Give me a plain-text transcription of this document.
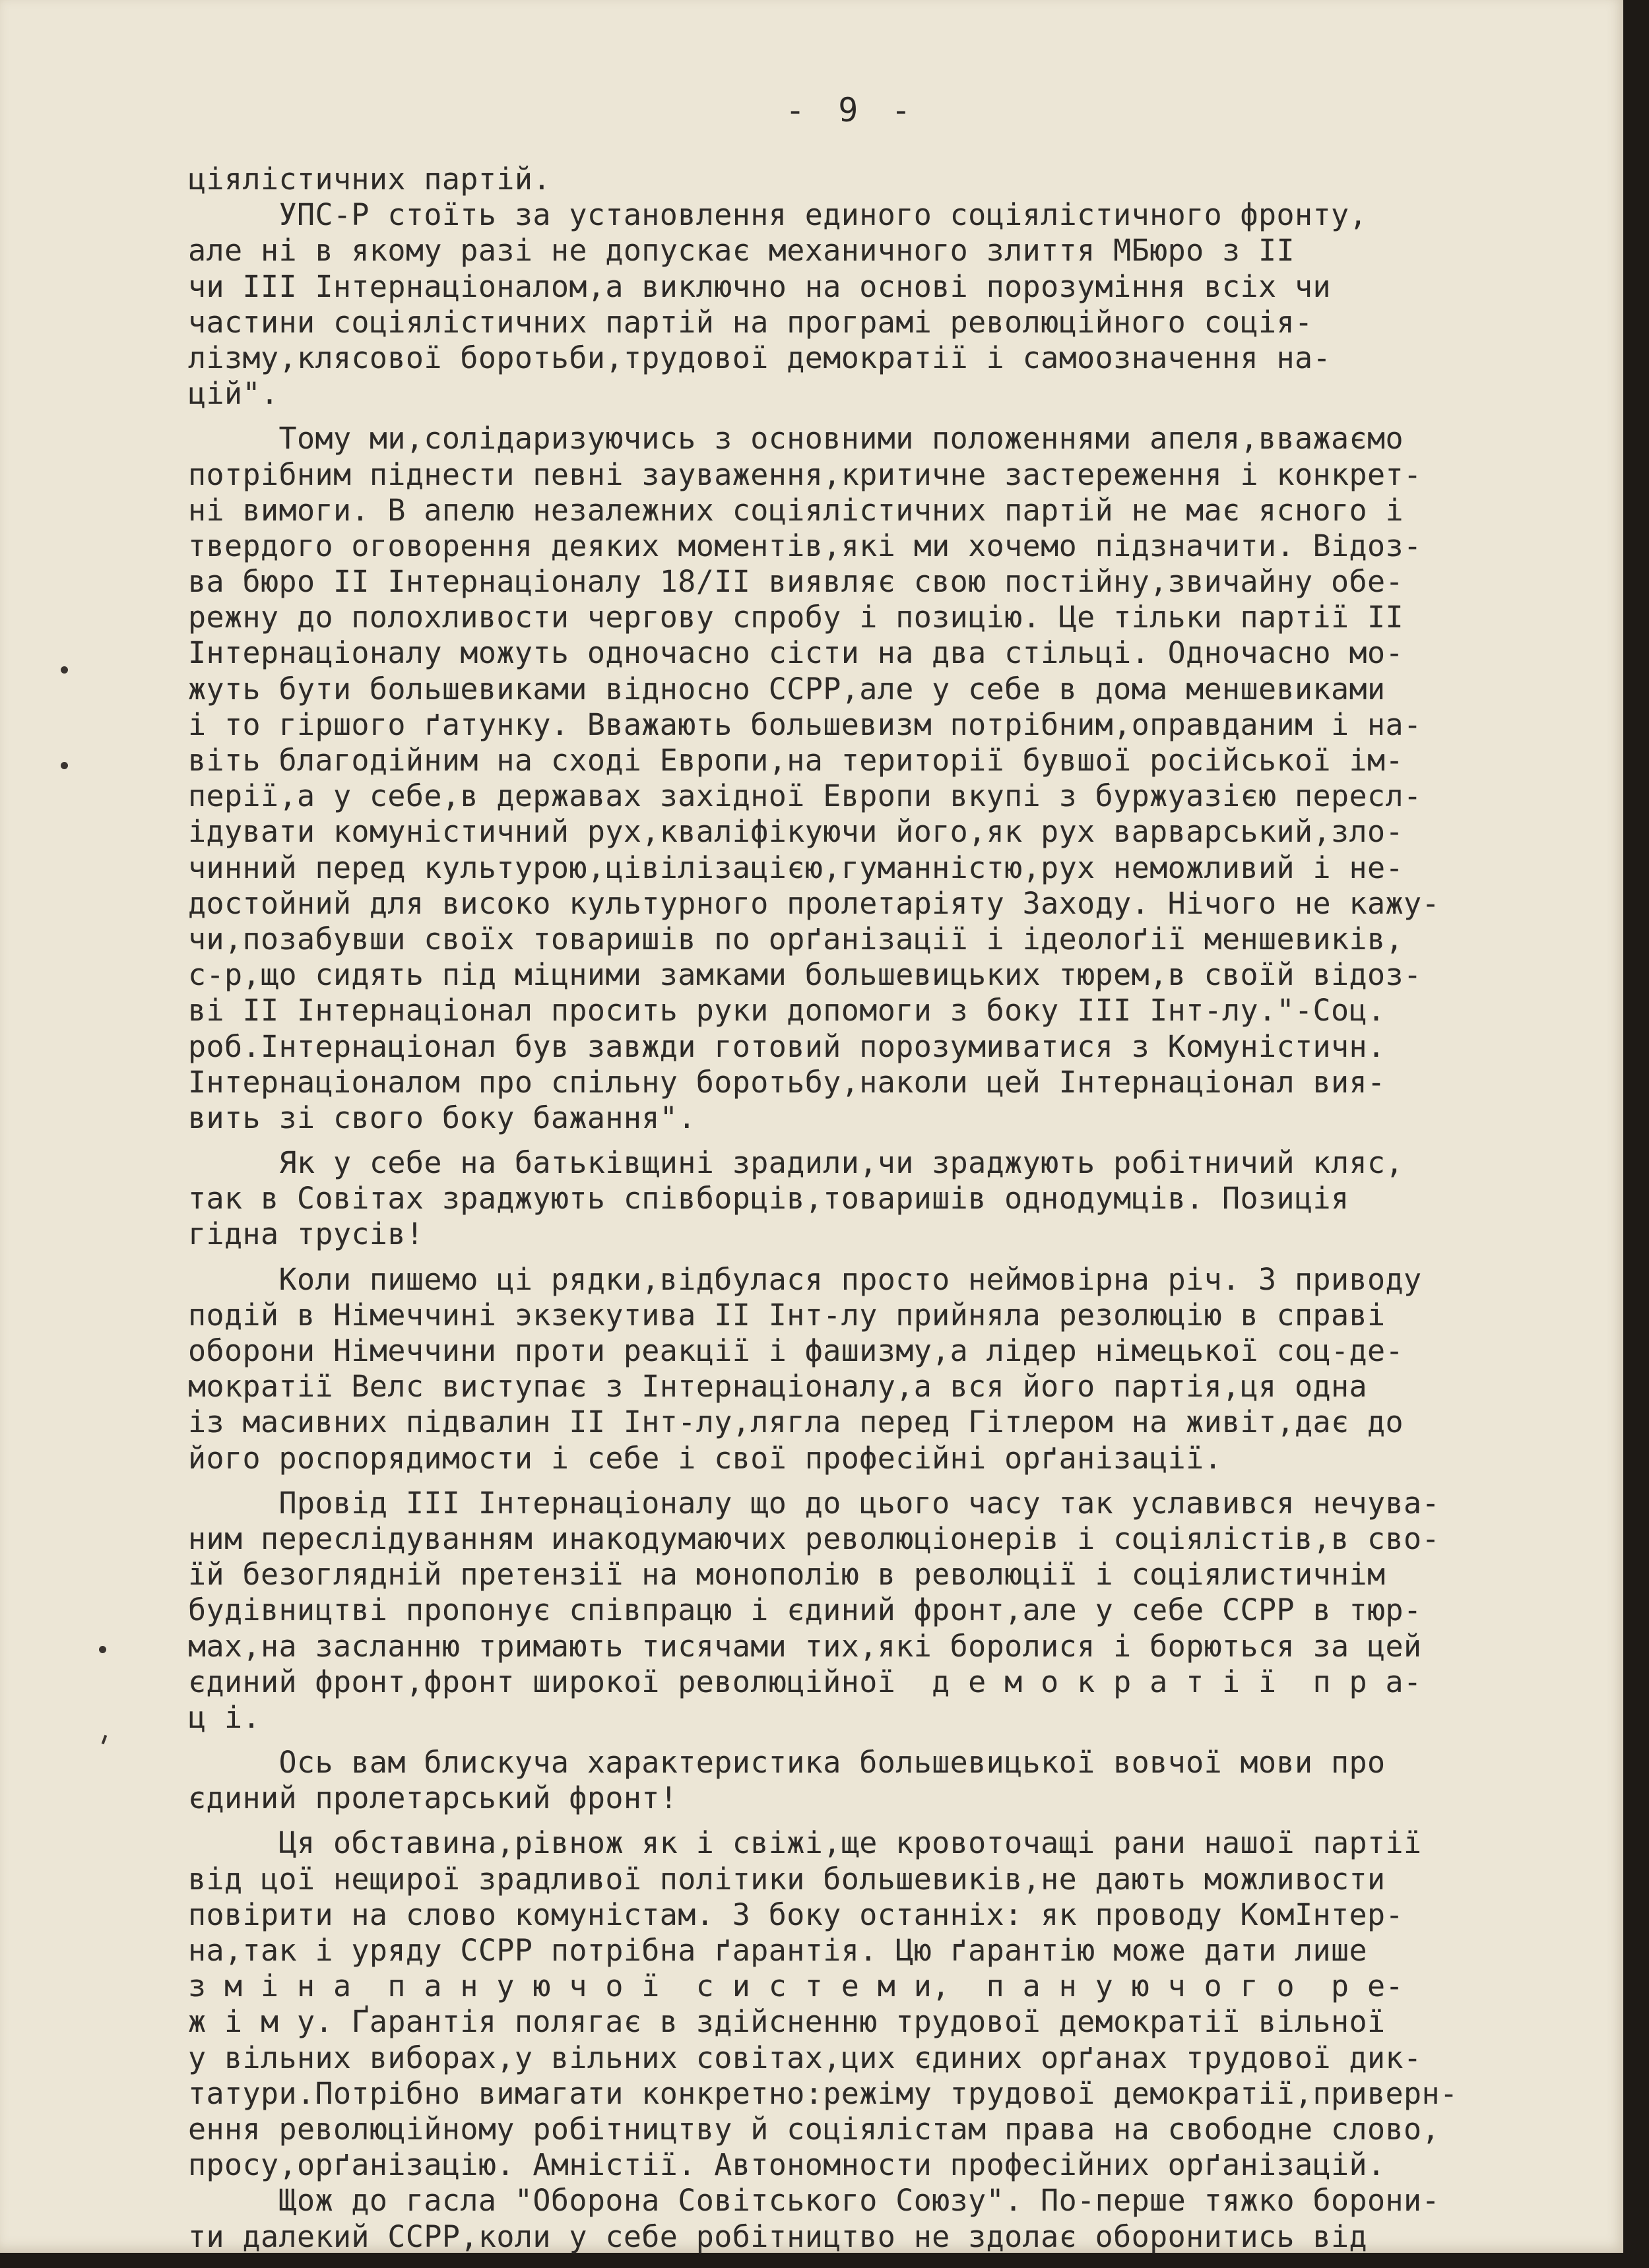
- 9 -
ціялістичних партій.
УПС-Р стоїть за установлення единого соціялістичного фронту,
але ні в якому разі не допускає механичного злиття МБюро з II
чи III Інтернаціоналом,а виключно на основі порозуміння всіх чи
частини соціялістичних партій на програмі революційного соція-
лізму,клясової боротьби,трудової демократії і самоозначення на-
цій".
Тому ми,солідаризуючись з основними положеннями апеля,вважаємо
потрібним піднести певні зауваження,критичне застереження і конкрет-
ні вимоги. В апелю незалежних соціялістичних партій не має ясного і
твердого оговорення деяких моментів,які ми хочемо підзначити. Відоз-
ва бюро II Інтернаціоналу 18/II виявляє свою постійну,звичайну обе-
режну до полохливости чергову спробу і позицію. Це тільки партії II
Інтернаціоналу можуть одночасно сісти на два стільці. Одночасно мо-
жуть бути большевиками відносно ССРР,але у себе в дома меншевиками
і то гіршого ґатунку. Вважають большевизм потрібним,оправданим і на-
віть благодійним на сході Европи,на території бувшої російської ім-
перії,а у себе,в державах західної Европи вкупі з буржуазією пересл-
ідувати комуністичний рух,кваліфікуючи його,як рух варварський,зло-
чинний перед культурою,цівілізацією,гуманністю,рух неможливий і не-
достойний для високо культурного пролетаріяту Заходу. Нічого не кажу-
чи,позабувши своїх товаришів по орґанізації і ідеолоґії меншевиків,
с-р,що сидять під міцними замками большевицьких тюрем,в своїй відоз-
ві II Інтернаціонал просить руки допомоги з боку III Інт-лу."-Соц.
роб.Інтернаціонал був завжди готовий порозумиватися з Комуністичн.
Інтернаціоналом про спільну боротьбу,наколи цей Інтернаціонал вия-
вить зі свого боку бажання".
Як у себе на батьківщині зрадили,чи зраджують робітничий кляс,
так в Совітах зраджують співборців,товаришів однодумців. Позиція
гідна трусів!
Коли пишемо ці рядки,відбулася просто неймовірна річ. З приводу
подій в Німеччині экзекутива II Інт-лу прийняла резолюцію в справі
оборони Німеччини проти реакції і фашизму,а лідер німецької соц-де-
мократії Велс виступає з Інтернаціоналу,а вся його партія,ця одна
із масивних підвалин II Інт-лу,лягла перед Гітлером на живіт,дає до
його роспорядимости і себе і свої професійні орґанізації.
Провід III Інтернаціоналу що до цього часу так уславився нечува-
ним переслідуванням инакодумаючих революціонерів і соціялістів,в сво-
їй безоглядній претензії на монополію в революції і соціялистичнім
будівництві пропонує співпрацю і єдиний фронт,але у себе ССРР в тюр-
мах,на засланню тримають тисячами тих,які боролися і борються за цей
єдиний фронт,фронт широкої революційної  д е м о к р а т і ї  п р а-
ц і.
Ось вам блискуча характеристика большевицької вовчої мови про
єдиний пролетарський фронт!
Ця обставина,рівнож як і свіжі,ще кровоточащі рани нашої партії
від цої нещирої зрадливої політики большевиків,не дають можливости
повірити на слово комуністам. З боку останніх: як проводу КомІнтер-
на,так і уряду ССРР потрібна ґарантія. Цю ґарантію може дати лише
з м і н а  п а н у ю ч о ї  с и с т е м и,  п а н у ю ч о г о  р е-
ж і м у. Ґарантія полягає в здійсненню трудової демократії вільної
у вільних виборах,у вільних совітах,цих єдиних орґанах трудової дик-
татури.Потрібно вимагати конкретно:режіму трудової демократії,приверн-
ення революційному робітництву й соціялістам права на свободне слово,
просу,орґанізацію. Амністії. Автономности професійних орґанізацій.
Щож до гасла "Оборона Совітського Союзу". По-перше тяжко борони-
ти далекий ССРР,коли у себе робітництво не здолає оборонитись від
